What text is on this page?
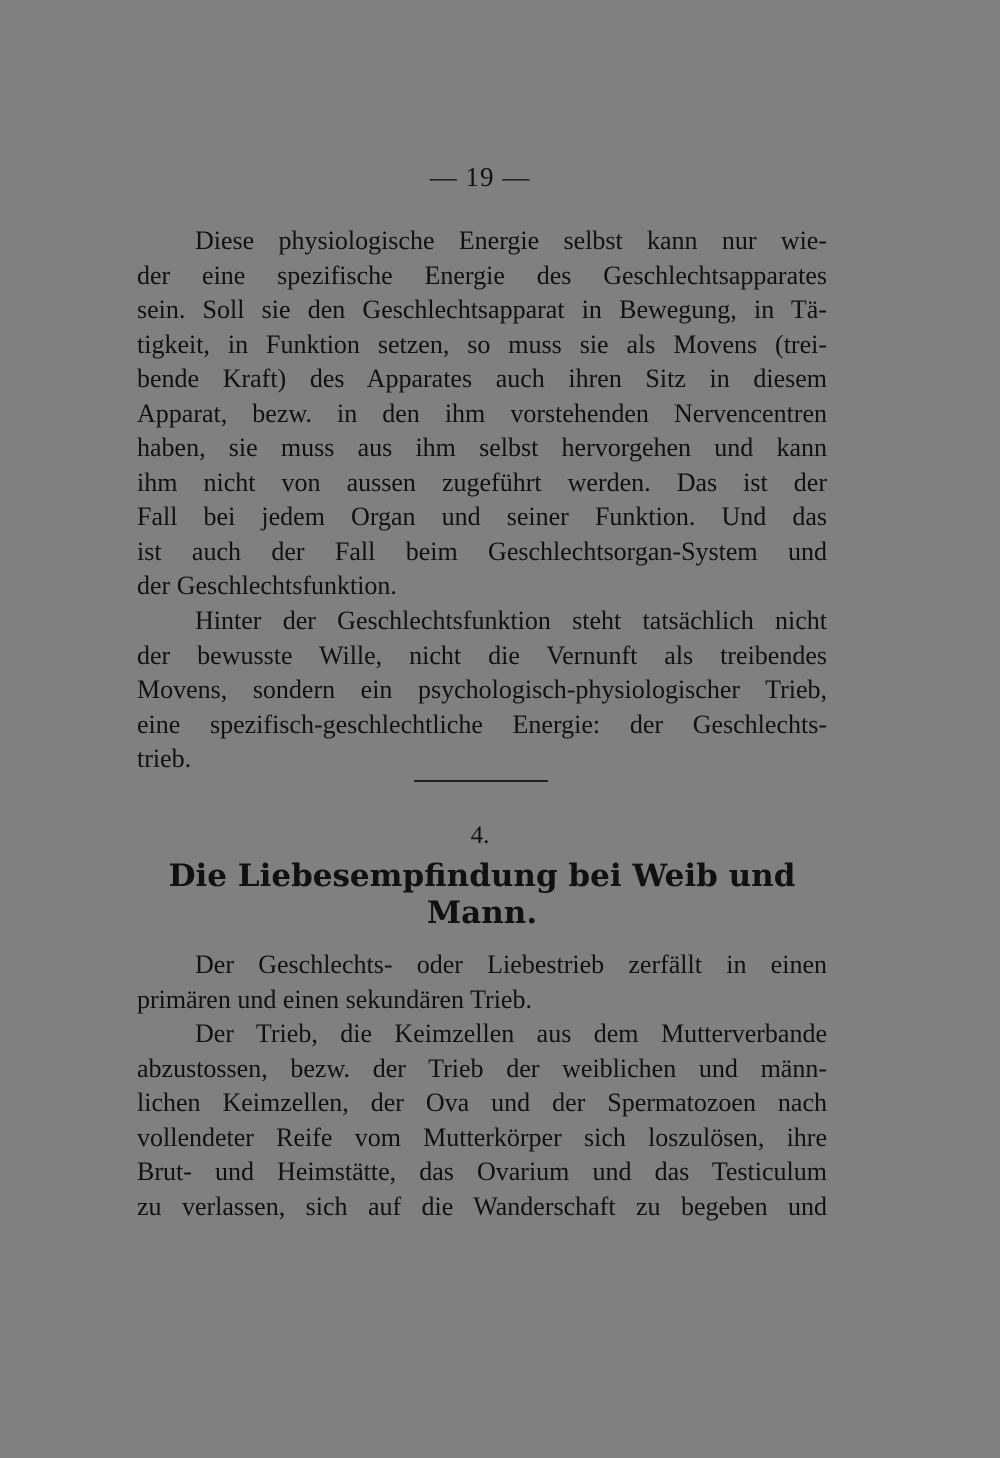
— 19 —
Diese physiologische Energie selbst kann nur wie-
der eine spezifische Energie des Geschlechtsapparates
sein. Soll sie den Geschlechtsapparat in Bewegung, in Tä-
tigkeit, in Funktion setzen, so muss sie als Movens (trei-
bende Kraft) des Apparates auch ihren Sitz in diesem
Apparat, bezw. in den ihm vorstehenden Nervencentren
haben, sie muss aus ihm selbst hervorgehen und kann
ihm nicht von aussen zugeführt werden. Das ist der
Fall bei jedem Organ und seiner Funktion. Und das
ist auch der Fall beim Geschlechtsorgan-System und
der Geschlechtsfunktion.
Hinter der Geschlechtsfunktion steht tatsächlich nicht
der bewusste Wille, nicht die Vernunft als treibendes
Movens, sondern ein psychologisch-physiologischer Trieb,
eine spezifisch-geschlechtliche Energie: der Geschlechts-
trieb.
4.
Die Liebesempfindung bei Weib und
Mann.
Der Geschlechts- oder Liebestrieb zerfällt in einen
primären und einen sekundären Trieb.
Der Trieb, die Keimzellen aus dem Mutterverbande
abzustossen, bezw. der Trieb der weiblichen und männ-
lichen Keimzellen, der Ova und der Spermatozoen nach
vollendeter Reife vom Mutterkörper sich loszulösen, ihre
Brut- und Heimstätte, das Ovarium und das Testiculum
zu verlassen, sich auf die Wanderschaft zu begeben und
